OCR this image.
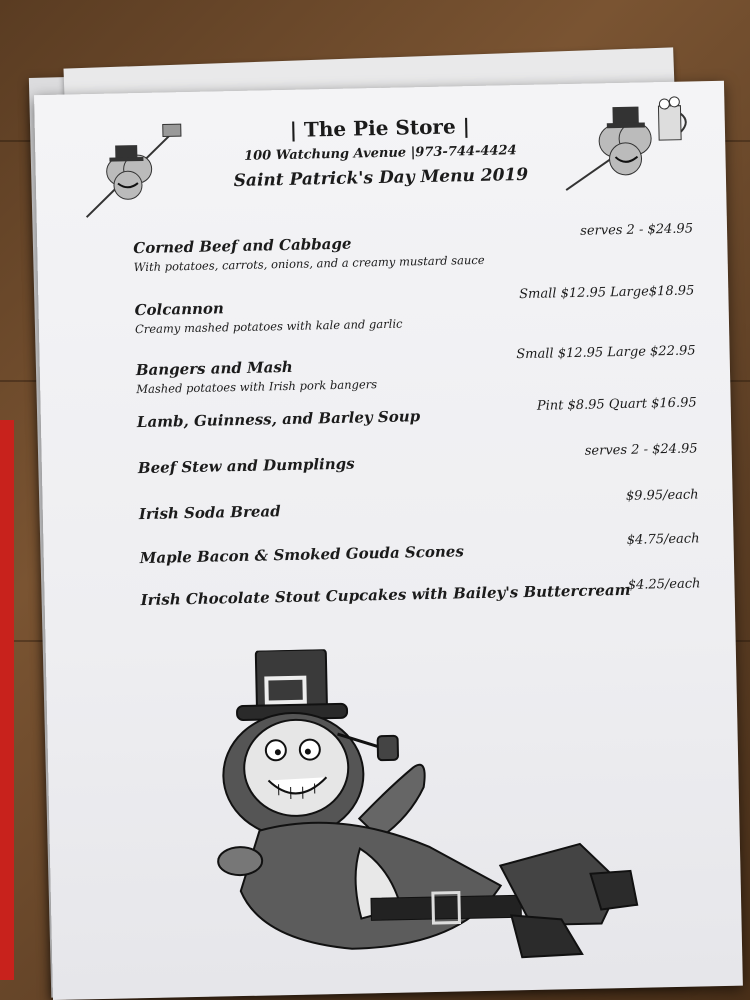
| The Pie Store |
100 Watchung Avenue |973-744-4424
Saint Patrick's Day Menu 2019
Corned Beef and Cabbage
With potatoes, carrots, onions, and a creamy mustard sauce
serves 2 - $24.95
Colcannon
Creamy mashed potatoes with kale and garlic
Small $12.95 Large$18.95
Bangers and Mash
Mashed potatoes with Irish pork bangers
Small $12.95 Large $22.95
Lamb, Guinness, and Barley Soup
Pint $8.95 Quart $16.95
Beef Stew and Dumplings
serves 2 - $24.95
Irish Soda Bread
$9.95/each
Maple Bacon & Smoked Gouda Scones
$4.75/each
Irish Chocolate Stout Cupcakes with Bailey's Buttercream
$4.25/each
